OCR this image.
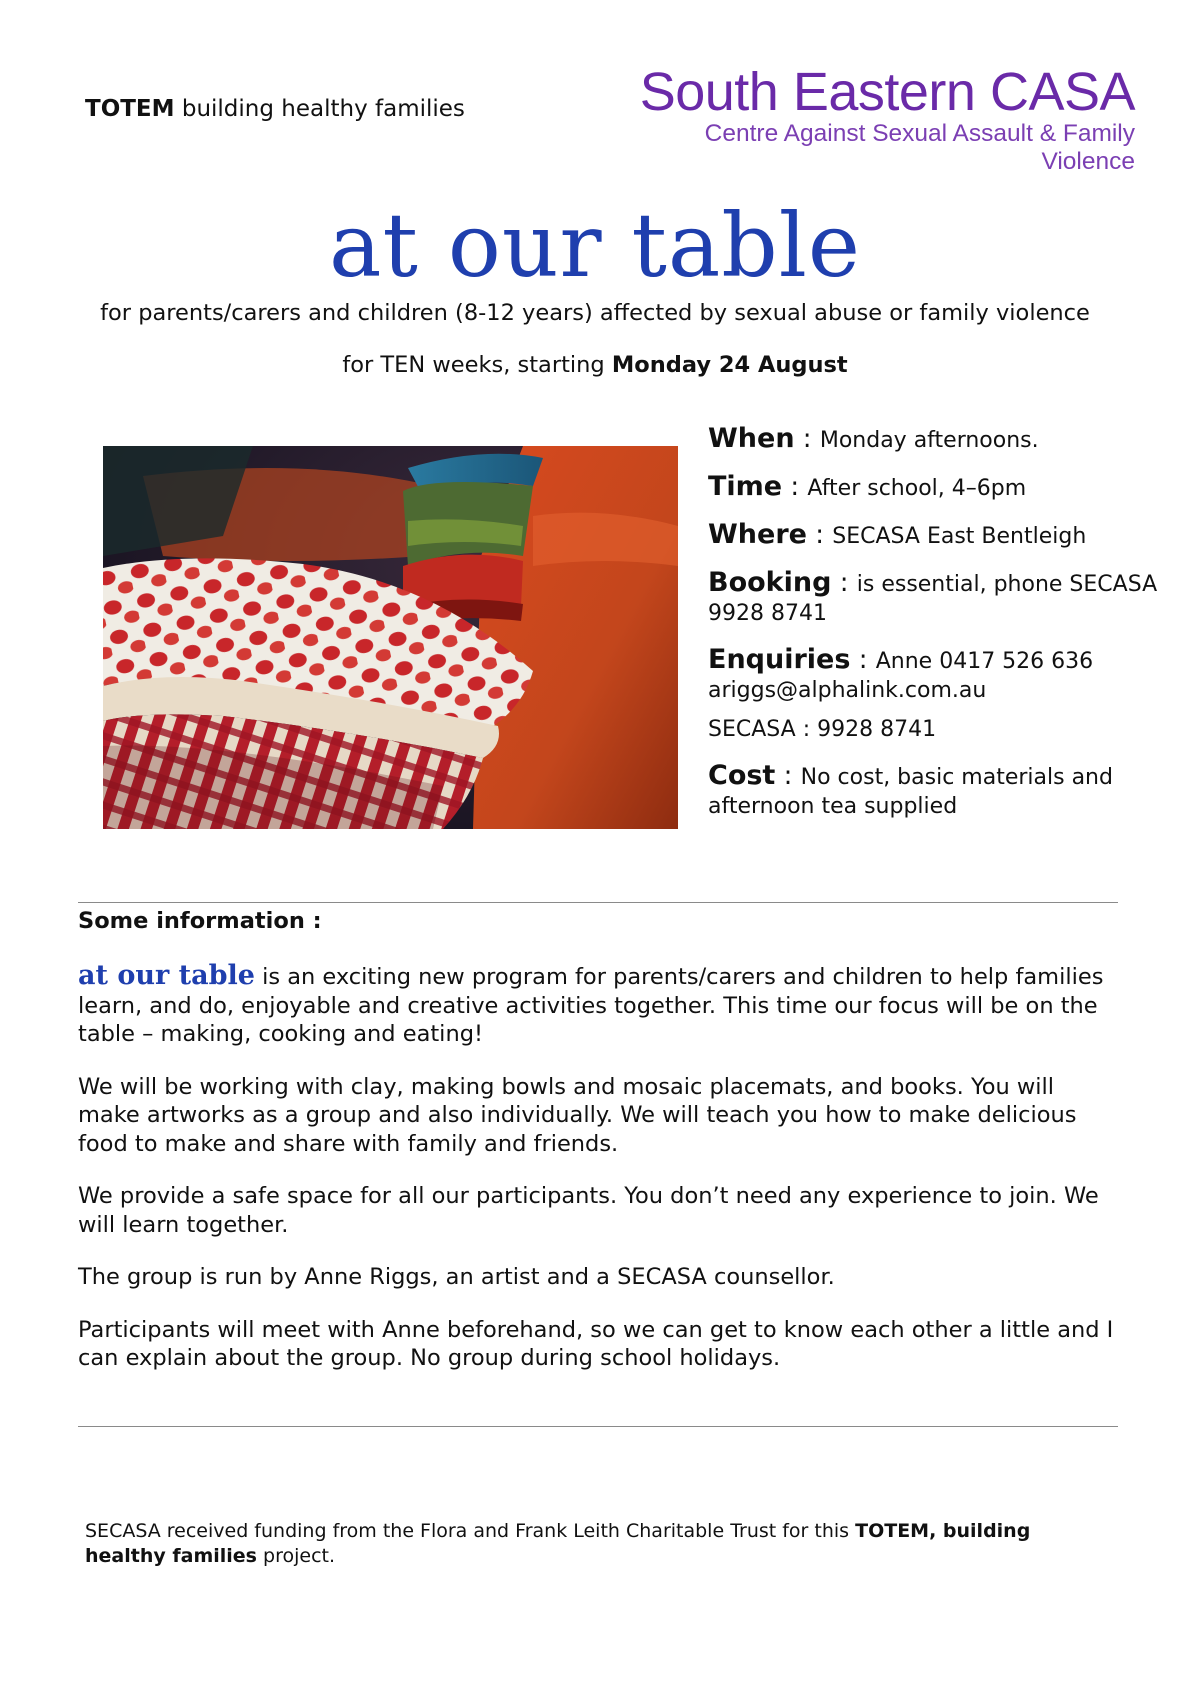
TOTEM building healthy families	South Eastern CASA
Centre Against Sexual Assault & Family Violence
at our table
for parents/carers and children (8-12 years) affected by sexual abuse or family violence
for TEN weeks, starting Monday 24 August
When : Monday afternoons.
Time : After school, 4–6pm
Where : SECASA East Bentleigh
Booking : is essential, phone SECASA
9928 8741
Enquiries : Anne 0417 526 636
ariggs@alphalink.com.au
SECASA : 9928 8741
Cost : No cost, basic materials and
afternoon tea supplied
Some information :

at our table is an exciting new program for parents/carers and children to help families learn, and do, enjoyable and creative activities together. This time our focus will be on the table – making, cooking and eating!

We will be working with clay, making bowls and mosaic placemats, and books. You will make artworks as a group and also individually. We will teach you how to make delicious food to make and share with family and friends.

We provide a safe space for all our participants. You don’t need any experience to join. We will learn together.

The group is run by Anne Riggs, an artist and a SECASA counsellor.

Participants will meet with Anne beforehand, so we can get to know each other a little and I can explain about the group. No group during school holidays.

SECASA received funding from the Flora and Frank Leith Charitable Trust for this TOTEM, building healthy families project.
